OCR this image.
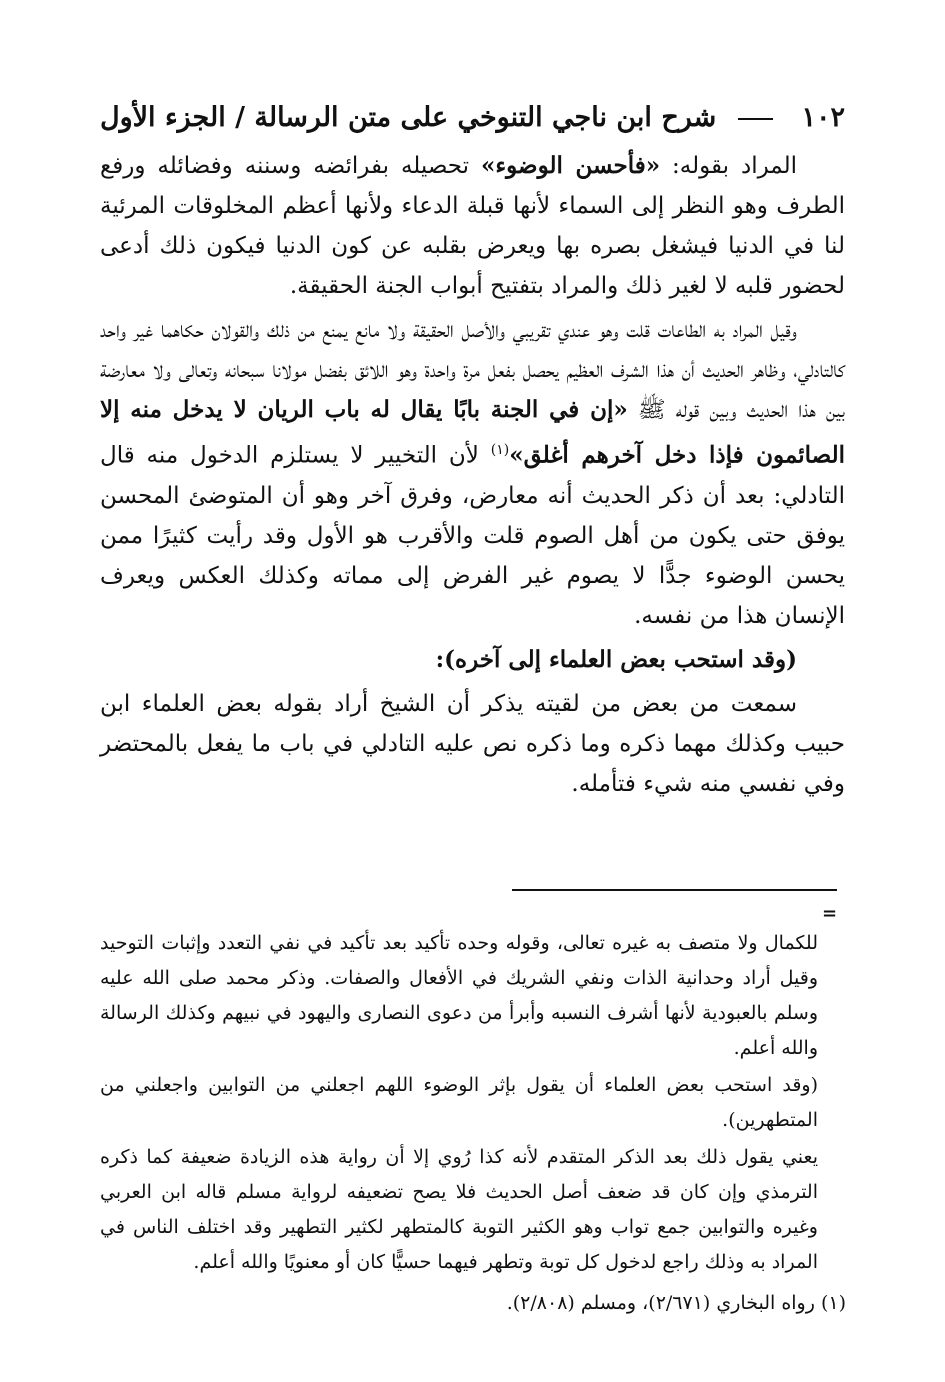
١٠٢
شرح ابن ناجي التنوخي على متن الرسالة / الجزء الأول

المراد بقوله: «فأحسن الوضوء» تحصيله بفرائضه وسننه وفضائله ورفع الطرف وهو النظر إلى السماء لأنها قبلة الدعاء ولأنها أعظم المخلوقات المرئية لنا في الدنيا فيشغل بصره بها ويعرض بقلبه عن كون الدنيا فيكون ذلك أدعى لحضور قلبه لا لغير ذلك والمراد بتفتيح أبواب الجنة الحقيقة.

وقيل المراد به الطاعات قلت وهو عندي تقريبي والأصل الحقيقة ولا مانع يمنع من ذلك والقولان حكاهما غير واحد كالتادلي، وظاهر الحديث أن هذا الشرف العظيم يحصل بفعل مرة واحدة وهو اللائق بفضل مولانا سبحانه وتعالى ولا معارضة بين هذا الحديث وبين قوله ﷺ «إن في الجنة بابًا يقال له باب الريان لا يدخل منه إلا الصائمون فإذا دخل آخرهم أغلق»$^{(١)}$ لأن التخيير لا يستلزم الدخول منه قال التادلي: بعد أن ذكر الحديث أنه معارض، وفرق آخر وهو أن المتوضئ المحسن يوفق حتى يكون من أهل الصوم قلت والأقرب هو الأول وقد رأيت كثيرًا ممن يحسن الوضوء جدًّا لا يصوم غير الفرض إلى مماته وكذلك العكس ويعرف الإنسان هذا من نفسه.

(وقد استحب بعض العلماء إلى آخره):

سمعت من بعض من لقيته يذكر أن الشيخ أراد بقوله بعض العلماء ابن حبيب وكذلك مهما ذكره وما ذكره نص عليه التادلي في باب ما يفعل بالمحتضر وفي نفسي منه شيء فتأمله.

=

للكمال ولا متصف به غيره تعالى، وقوله وحده تأكيد بعد تأكيد في نفي التعدد وإثبات التوحيد وقيل أراد وحدانية الذات ونفي الشريك في الأفعال والصفات. وذكر محمد صلى الله عليه وسلم بالعبودية لأنها أشرف النسبه وأبرأ من دعوى النصارى واليهود في نبيهم وكذلك الرسالة والله أعلم.

(وقد استحب بعض العلماء أن يقول بإثر الوضوء اللهم اجعلني من التوابين واجعلني من المتطهرين).

يعني يقول ذلك بعد الذكر المتقدم لأنه كذا رُوي إلا أن رواية هذه الزيادة ضعيفة كما ذكره الترمذي وإن كان قد ضعف أصل الحديث فلا يصح تضعيفه لرواية مسلم قاله ابن العربي وغيره والتوابين جمع تواب وهو الكثير التوبة كالمتطهر لكثير التطهير وقد اختلف الناس في المراد به وذلك راجع لدخول كل توبة وتطهر فيهما حسيًّا كان أو معنويًا والله أعلم.

(١) رواه البخاري (٢/٦٧١)، ومسلم (٢/٨٠٨).
